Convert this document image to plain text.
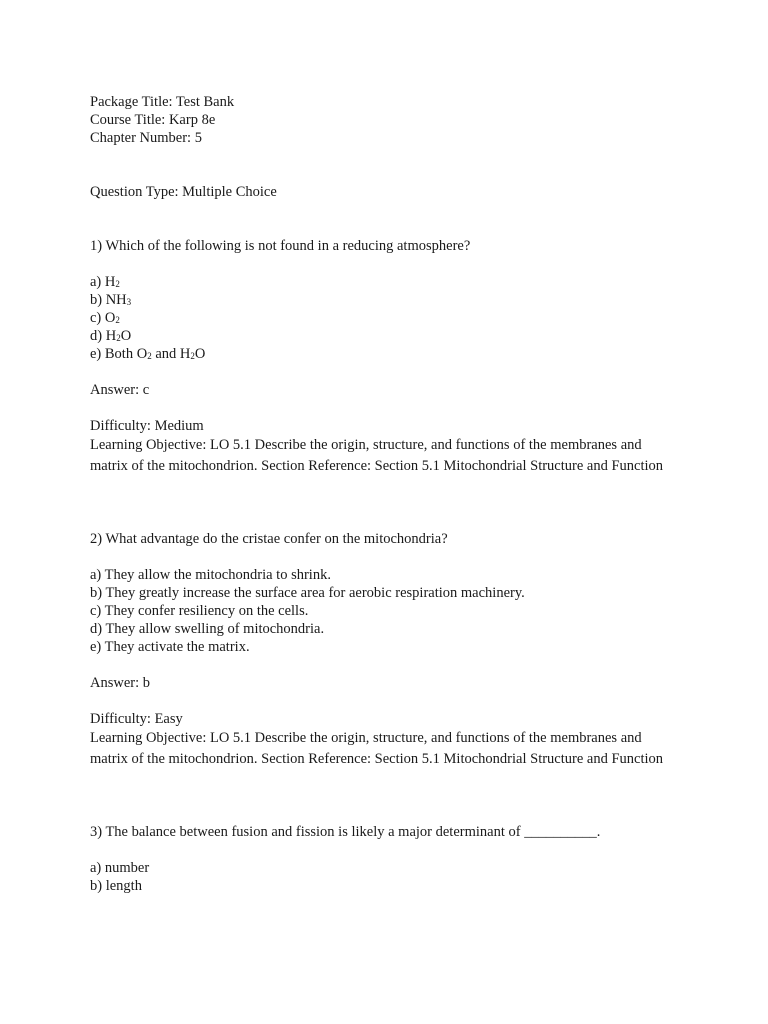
Package Title: Test Bank

Course Title: Karp 8e

Chapter Number: 5

Question Type: Multiple Choice

1) Which of the following is not found in a reducing atmosphere?

a) $H_2$

b) $NH_3$

c) $O_2$

d) $H_2O$

e) Both $O_2$ and $H_2O$

Answer: c

Difficulty: Medium

Learning Objective: LO 5.1 Describe the origin, structure, and functions of the membranes and matrix of the mitochondrion. Section Reference: Section 5.1 Mitochondrial Structure and Function

2) What advantage do the cristae confer on the mitochondria?

a) They allow the mitochondria to shrink.

b) They greatly increase the surface area for aerobic respiration machinery.

c) They confer resiliency on the cells.

d) They allow swelling of mitochondria.

e) They activate the matrix.

Answer: b

Difficulty: Easy

Learning Objective: LO 5.1 Describe the origin, structure, and functions of the membranes and matrix of the mitochondrion. Section Reference: Section 5.1 Mitochondrial Structure and Function

3) The balance between fusion and fission is likely a major determinant of __________.

a) number

b) length
